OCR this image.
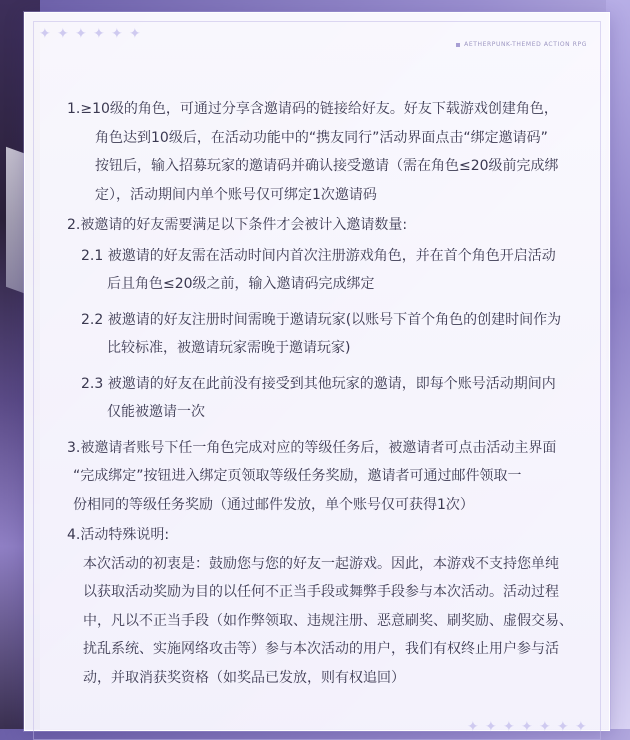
✦ ✦ ✦ ✦ ✦ ✦
AETHERPUNK-THEMED ACTION RPG
1.≥10级的角色，可通过分享含邀请码的链接给好友。好友下载游戏创建角色，
角色达到10级后，在活动功能中的“携友同行”活动界面点击“绑定邀请码”
按钮后，输入招募玩家的邀请码并确认接受邀请（需在角色≤20级前完成绑
定），活动期间内单个账号仅可绑定1次邀请码
2.被邀请的好友需要满足以下条件才会被计入邀请数量:
2.1 被邀请的好友需在活动时间内首次注册游戏角色，并在首个角色开启活动
后且角色≤20级之前，输入邀请码完成绑定
2.2 被邀请的好友注册时间需晚于邀请玩家(以账号下首个角色的创建时间作为
比较标准，被邀请玩家需晚于邀请玩家)
2.3 被邀请的好友在此前没有接受到其他玩家的邀请，即每个账号活动期间内
仅能被邀请一次
3.被邀请者账号下任一角色完成对应的等级任务后，被邀请者可点击活动主界面
“完成绑定”按钮进入绑定页领取等级任务奖励，邀请者可通过邮件领取一
份相同的等级任务奖励（通过邮件发放，单个账号仅可获得1次）
4.活动特殊说明:
本次活动的初衷是：鼓励您与您的好友一起游戏。因此，本游戏不支持您单纯
以获取活动奖励为目的以任何不正当手段或舞弊手段参与本次活动。活动过程
中，凡以不正当手段（如作弊领取、违规注册、恶意刷奖、刷奖励、虚假交易、
扰乱系统、实施网络攻击等）参与本次活动的用户，我们有权终止用户参与活
动，并取消获奖资格（如奖品已发放，则有权追回）
✦ ✦ ✦ ✦ ✦ ✦ ✦
